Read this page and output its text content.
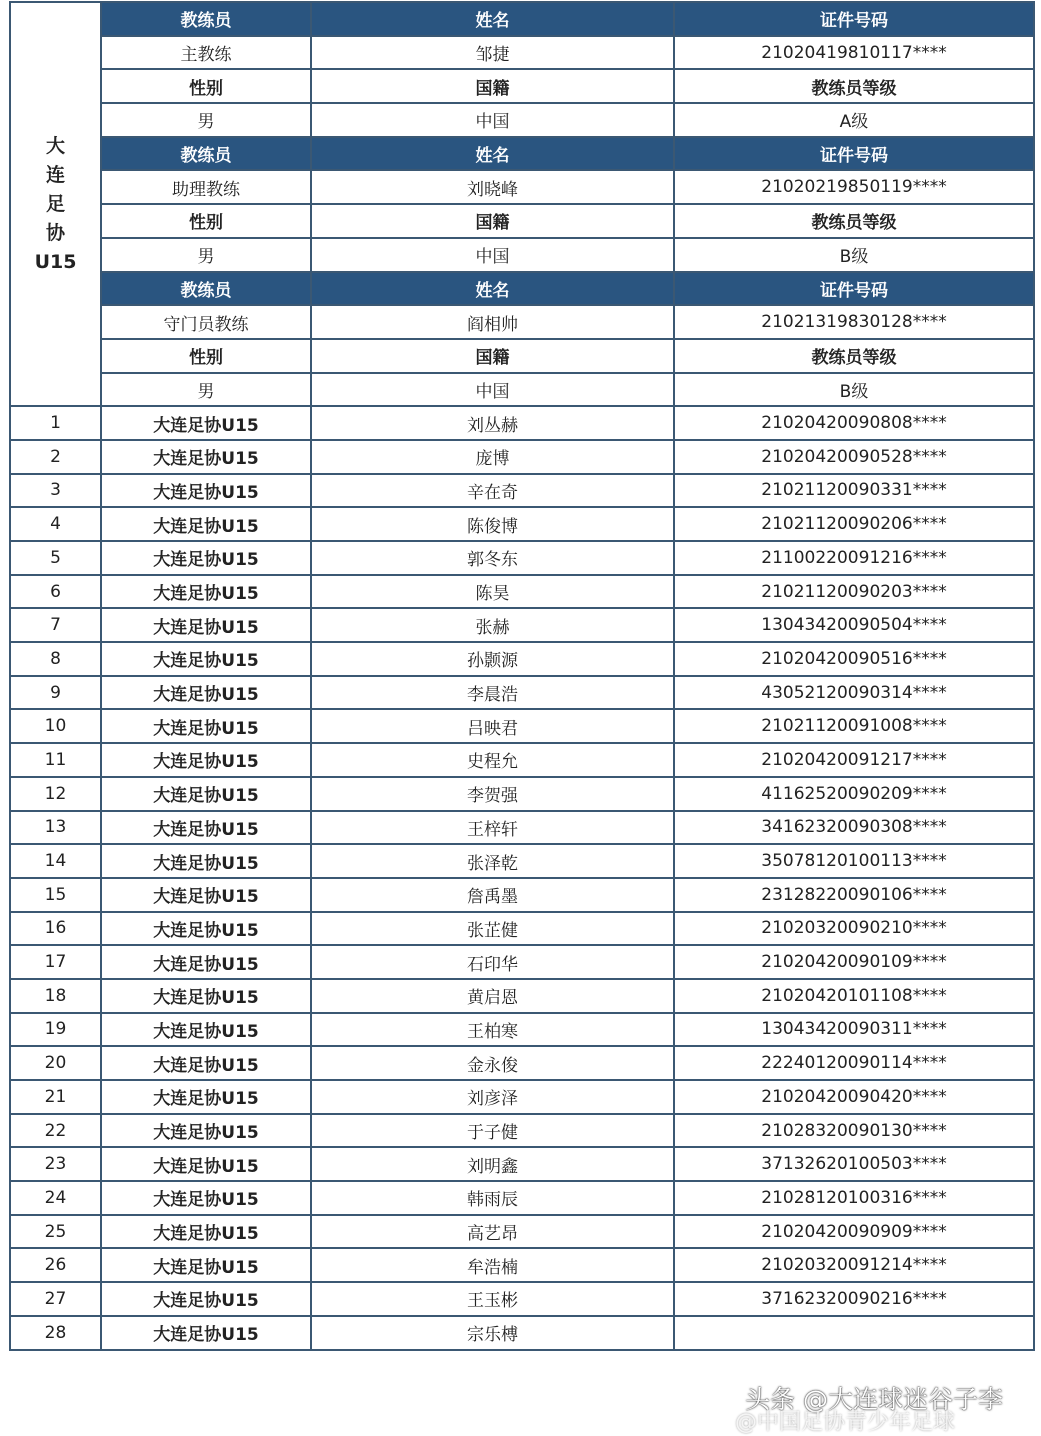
大
连
足
协
U15	教练员	姓名	证件号码
	主教练	邹捷	21020419810117****
	性别	国籍	教练员等级
	男	中国	A级
	教练员	姓名	证件号码
	助理教练	刘晓峰	21020219850119****
	性别	国籍	教练员等级
	男	中国	B级
	教练员	姓名	证件号码
	守门员教练	阎相帅	21021319830128****
	性别	国籍	教练员等级
	男	中国	B级
1	大连足协U15	刘丛赫	21020420090808****
2	大连足协U15	庞博	21020420090528****
3	大连足协U15	辛在奇	21021120090331****
4	大连足协U15	陈俊博	21021120090206****
5	大连足协U15	郭冬东	21100220091216****
6	大连足协U15	陈昊	21021120090203****
7	大连足协U15	张赫	13043420090504****
8	大连足协U15	孙颢源	21020420090516****
9	大连足协U15	李晨浩	43052120090314****
10	大连足协U15	吕映君	21021120091008****
11	大连足协U15	史程允	21020420091217****
12	大连足协U15	李贺强	41162520090209****
13	大连足协U15	王梓轩	34162320090308****
14	大连足协U15	张泽乾	35078120100113****
15	大连足协U15	詹禹墨	23128220090106****
16	大连足协U15	张芷健	21020320090210****
17	大连足协U15	石印华	21020420090109****
18	大连足协U15	黄启恩	21020420101108****
19	大连足协U15	王柏寒	13043420090311****
20	大连足协U15	金永俊	22240120090114****
21	大连足协U15	刘彦泽	21020420090420****
22	大连足协U15	于子健	21028320090130****
23	大连足协U15	刘明鑫	37132620100503****
24	大连足协U15	韩雨辰	21028120100316****
25	大连足协U15	高艺昂	21020420090909****
26	大连足协U15	牟浩楠	21020320091214****
27	大连足协U15	王玉彬	37162320090216****
28	大连足协U15	宗乐榑	
头条 @大连球迷谷子李
@中国足协青少年足球
